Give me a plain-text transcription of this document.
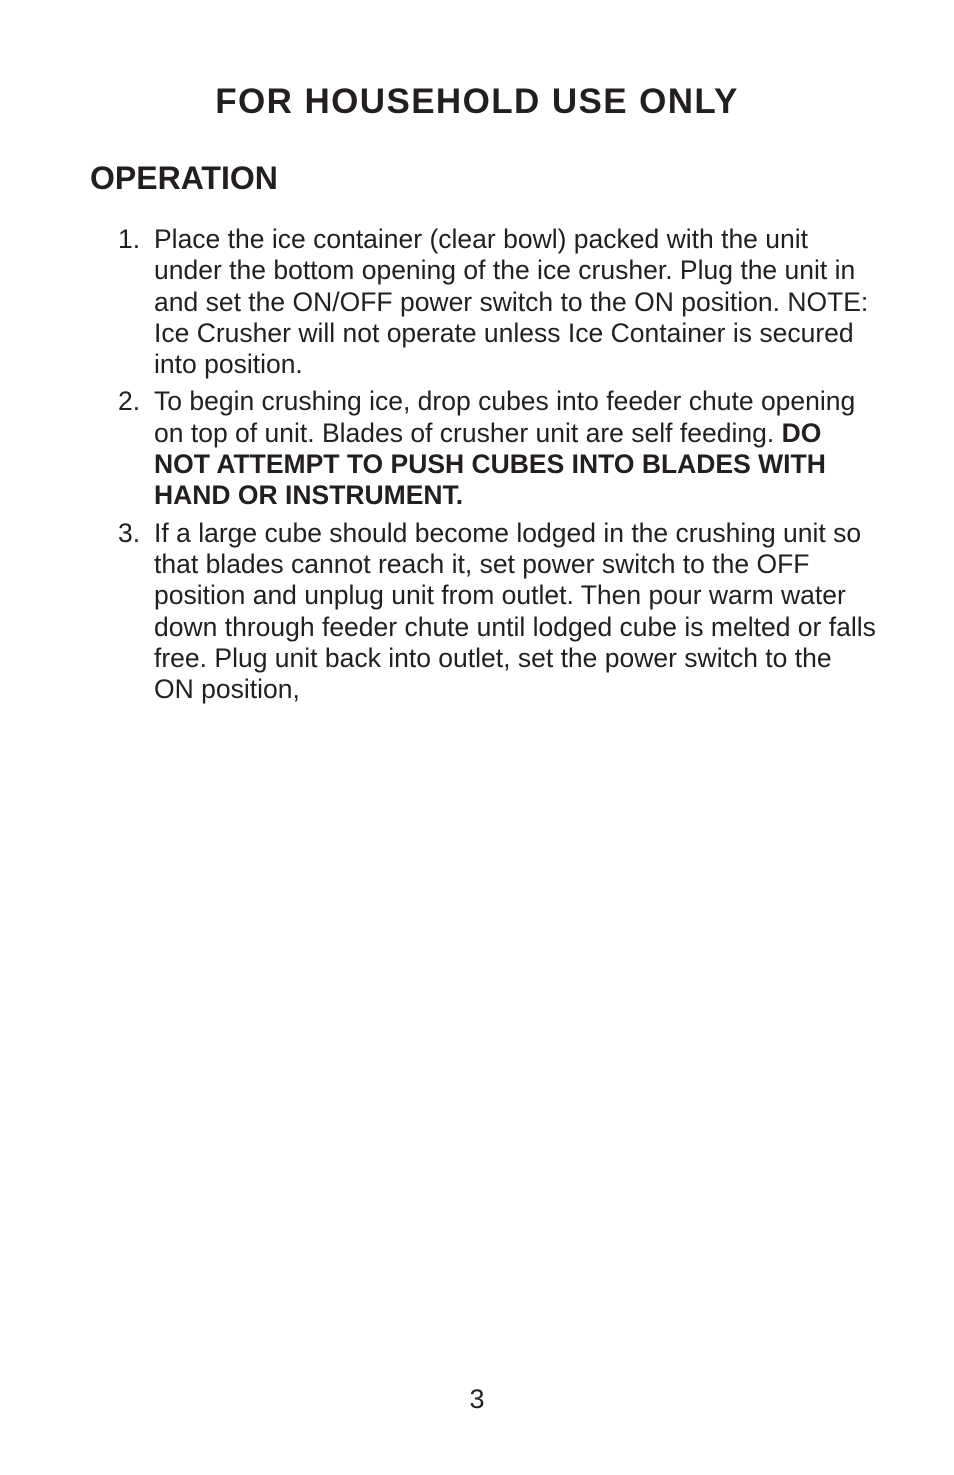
FOR HOUSEHOLD USE ONLY
OPERATION
1. Place the ice container (clear bowl) packed with the unit under the bottom opening of the ice crusher. Plug the unit in and set the ON/OFF power switch to the ON position. NOTE: Ice Crusher will not operate unless Ice Container is secured into position.
2. To begin crushing ice, drop cubes into feeder chute opening on top of unit. Blades of crusher unit are self feeding. DO NOT ATTEMPT TO PUSH CUBES INTO BLADES WITH HAND OR INSTRUMENT.
3. If a large cube should become lodged in the crushing unit so that blades cannot reach it, set power switch to the OFF position and unplug unit from outlet. Then pour warm water down through feeder chute until lodged cube is melted or falls free. Plug unit back into outlet, set the power switch to the ON position,
3
